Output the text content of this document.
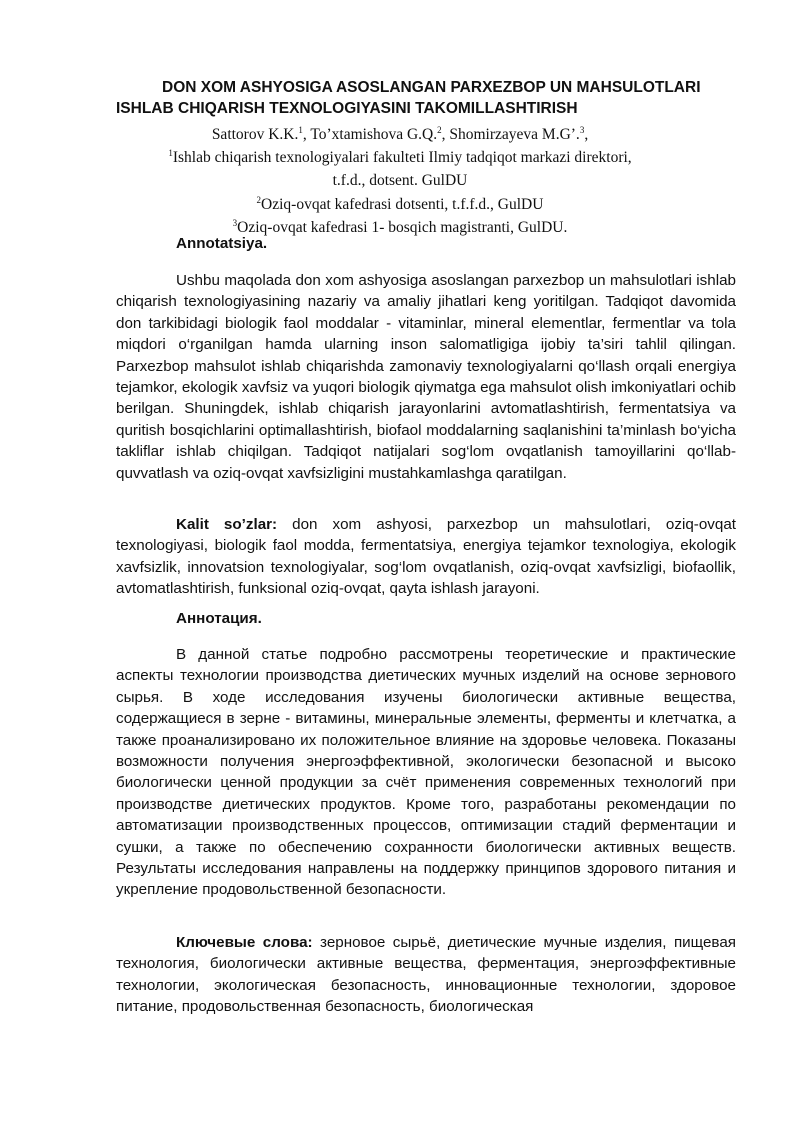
DON XOM ASHYOSIGA ASOSLANGAN PARXEZBOP UN MAHSULOTLARI
ISHLAB CHIQARISH TEXNOLOGIYASINI TAKOMILLASHTIRISH
Sattorov K.K.$^1$, To’xtamishova G.Q.$^2$, Shomirzayeva M.G’.$^3$,
$^1$Ishlab chiqarish texnologiyalari fakulteti Ilmiy tadqiqot markazi direktori,
t.f.d., dotsent. GulDU
$^2$Oziq-ovqat kafedrasi dotsenti, t.f.f.d., GulDU
$^3$Oziq-ovqat kafedrasi 1- bosqich magistranti, GulDU.
Annotatsiya.
Ushbu maqolada don xom ashyosiga asoslangan parxezbop un mahsulotlari ishlab chiqarish texnologiyasining nazariy va amaliy jihatlari keng yoritilgan. Tadqiqot davomida don tarkibidagi biologik faol moddalar - vitaminlar, mineral elementlar, fermentlar va tola miqdori o‘rganilgan hamda ularning inson salomatligiga ijobiy ta’siri tahlil qilingan. Parxezbop mahsulot ishlab chiqarishda zamonaviy texnologiyalarni qo‘llash orqali energiya tejamkor, ekologik xavfsiz va yuqori biologik qiymatga ega mahsulot olish imkoniyatlari ochib berilgan. Shuningdek, ishlab chiqarish jarayonlarini avtomatlashtirish, fermentatsiya va quritish bosqichlarini optimallashtirish, biofaol moddalarning saqlanishini ta’minlash bo‘yicha takliflar ishlab chiqilgan. Tadqiqot natijalari sog‘lom ovqatlanish tamoyillarini qo‘llab-quvvatlash va oziq-ovqat xavfsizligini mustahkamlashga qaratilgan.
Kalit so’zlar: don xom ashyosi, parxezbop un mahsulotlari, oziq-ovqat texnologiyasi, biologik faol modda, fermentatsiya, energiya tejamkor texnologiya, ekologik xavfsizlik, innovatsion texnologiyalar, sog‘lom ovqatlanish, oziq-ovqat xavfsizligi, biofaollik, avtomatlashtirish, funksional oziq-ovqat, qayta ishlash jarayoni.
Аннотация.
В данной статье подробно рассмотрены теоретические и практические аспекты технологии производства диетических мучных изделий на основе зернового сырья. В ходе исследования изучены биологически активные вещества, содержащиеся в зерне - витамины, минеральные элементы, ферменты и клетчатка, а также проанализировано их положительное влияние на здоровье человека. Показаны возможности получения энергоэффективной, экологически безопасной и высоко биологически ценной продукции за счёт применения современных технологий при производстве диетических продуктов. Кроме того, разработаны рекомендации по автоматизации производственных процессов, оптимизации стадий ферментации и сушки, а также по обеспечению сохранности биологически активных веществ. Результаты исследования направлены на поддержку принципов здорового питания и укрепление продовольственной безопасности.
Ключевые слова: зерновое сырьё, диетические мучные изделия, пищевая технология, биологически активные вещества, ферментация, энергоэффективные технологии, экологическая безопасность, инновационные технологии, здоровое питание, продовольственная безопасность, биологическая
